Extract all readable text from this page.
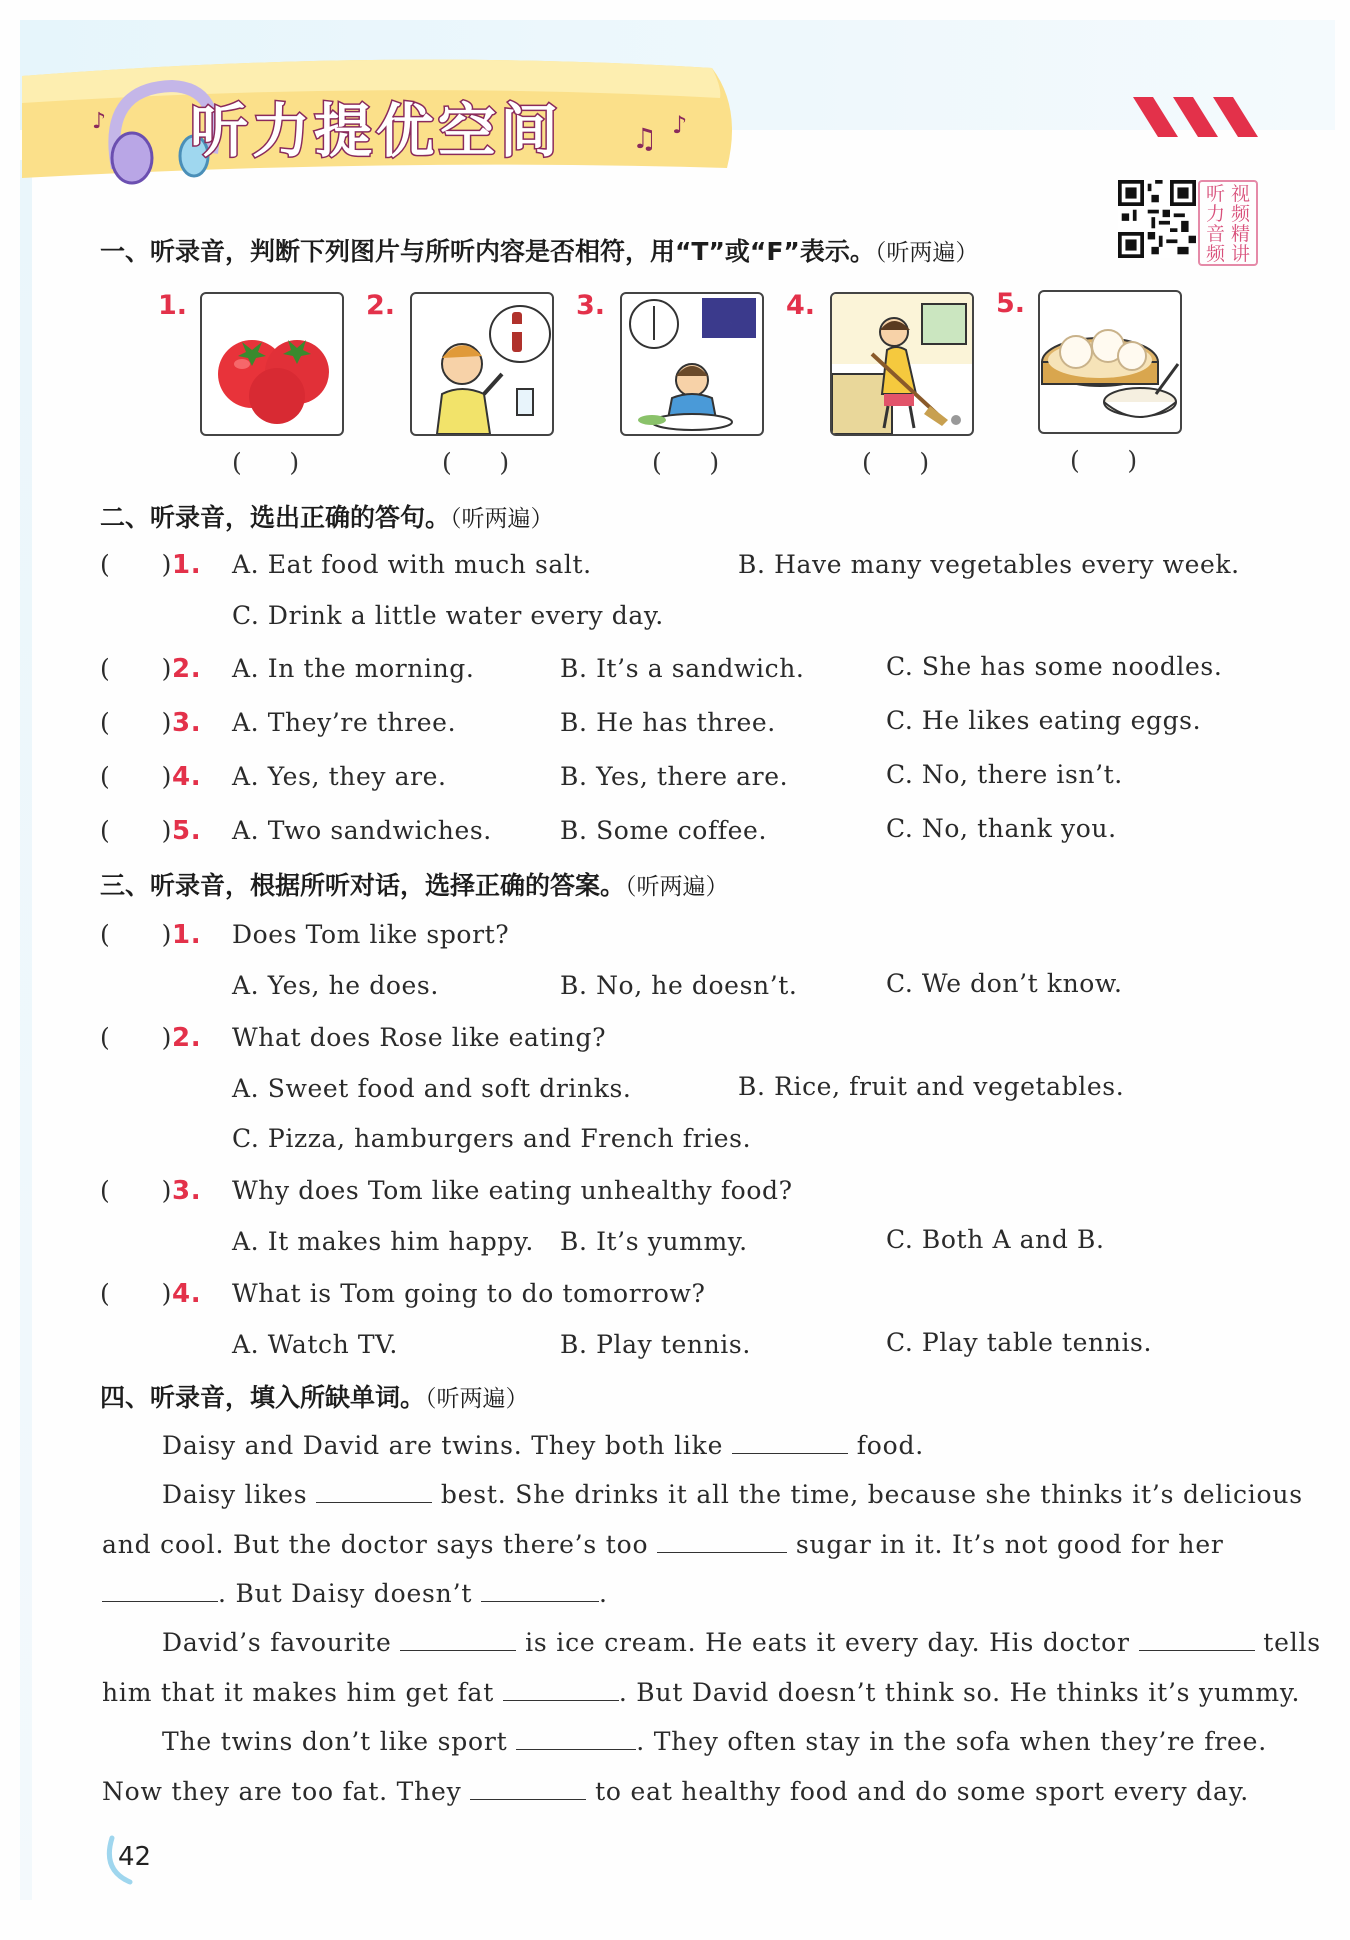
♫ ♪
♪ 听力提优空间
听 视
力 频
音 精
频 讲
一、听录音，判断下列图片与所听内容是否相符，用“T”或“F”表示。（听两遍）
1.
(      )
2.
(      )
3.
(      )
4.
(      )
5.
(      )
二、听录音，选出正确的答句。（听两遍）
(      )1. A. Eat food with much salt.	B. Have many vegetables every week.
C. Drink a little water every day.
(      )2. A. In the morning.	B. It’s a sandwich.	C. She has some noodles.
(      )3. A. They’re three.	B. He has three.	C. He likes eating eggs.
(      )4. A. Yes, they are.	B. Yes, there are.	C. No, there isn’t.
(      )5. A. Two sandwiches.	B. Some coffee.	C. No, thank you.
三、听录音，根据所听对话，选择正确的答案。（听两遍）
(      )1. Does Tom like sport?
A. Yes, he does.	B. No, he doesn’t.	C. We don’t know.
(      )2. What does Rose like eating?
A. Sweet food and soft drinks.	B. Rice, fruit and vegetables.
C. Pizza, hamburgers and French fries.
(      )3. Why does Tom like eating unhealthy food?
A. It makes him happy. B. It’s yummy.	C. Both A and B.
(      )4. What is Tom going to do tomorrow?
A. Watch TV.	B. Play tennis.	C. Play table tennis.
四、听录音，填入所缺单词。（听两遍）
Daisy and David are twins. They both like	food.
Daisy likes	best. She drinks it all the time, because she thinks it’s delicious
and cool. But the doctor says there’s too	sugar in it. It’s not good for her
. But Daisy doesn’t	.
David’s favourite	is ice cream. He eats it every day. His doctor	tells
him that it makes him get fat	. But David doesn’t think so. He thinks it’s yummy.
The twins don’t like sport	. They often stay in the sofa when they’re free.
Now they are too fat. They	to eat healthy food and do some sport every day.
42
